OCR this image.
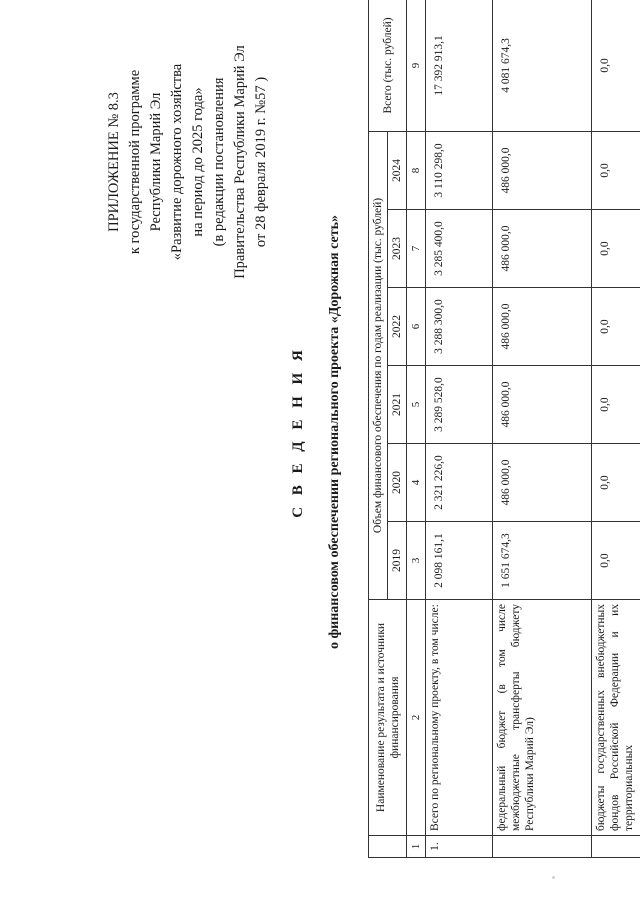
ПРИЛОЖЕНИЕ № 8.3 к государственной программе Республики Марий Эл «Развитие дорожного хозяйства на период до 2025 года» (в редакции постановления Правительства Республики Марий Эл от 28 февраля 2019 г. №57 )
С В Е Д Е Н И Я о финансовом обеспечении регионального проекта «Дорожная сеть»
	Наименование результата и источники финансирования	Объем финансового обеспечения по годам реализации (тыс. рублей)						Всего (тыс. рублей)
		2019	2020	2021	2022	2023	2024	
1	2	3	4	5	6	7	8	9
1.	Всего по региональному проекту, в том числе:	2 098 161,1	2 321 226,0	3 289 528,0	3 288 300,0	3 285 400,0	3 110 298,0	17 392 913,1
	федеральный бюджет (в том числе межбюджетные трансферты бюджету Республики Марий Эл)	1 651 674,3	486 000,0	486 000,0	486 000,0	486 000,0	486 000,0	4 081 674,3
	бюджеты государственных внебюджетных фондов Российской Федерации и их территориальных	0,0	0,0	0,0	0,0	0,0	0,0	0,0
